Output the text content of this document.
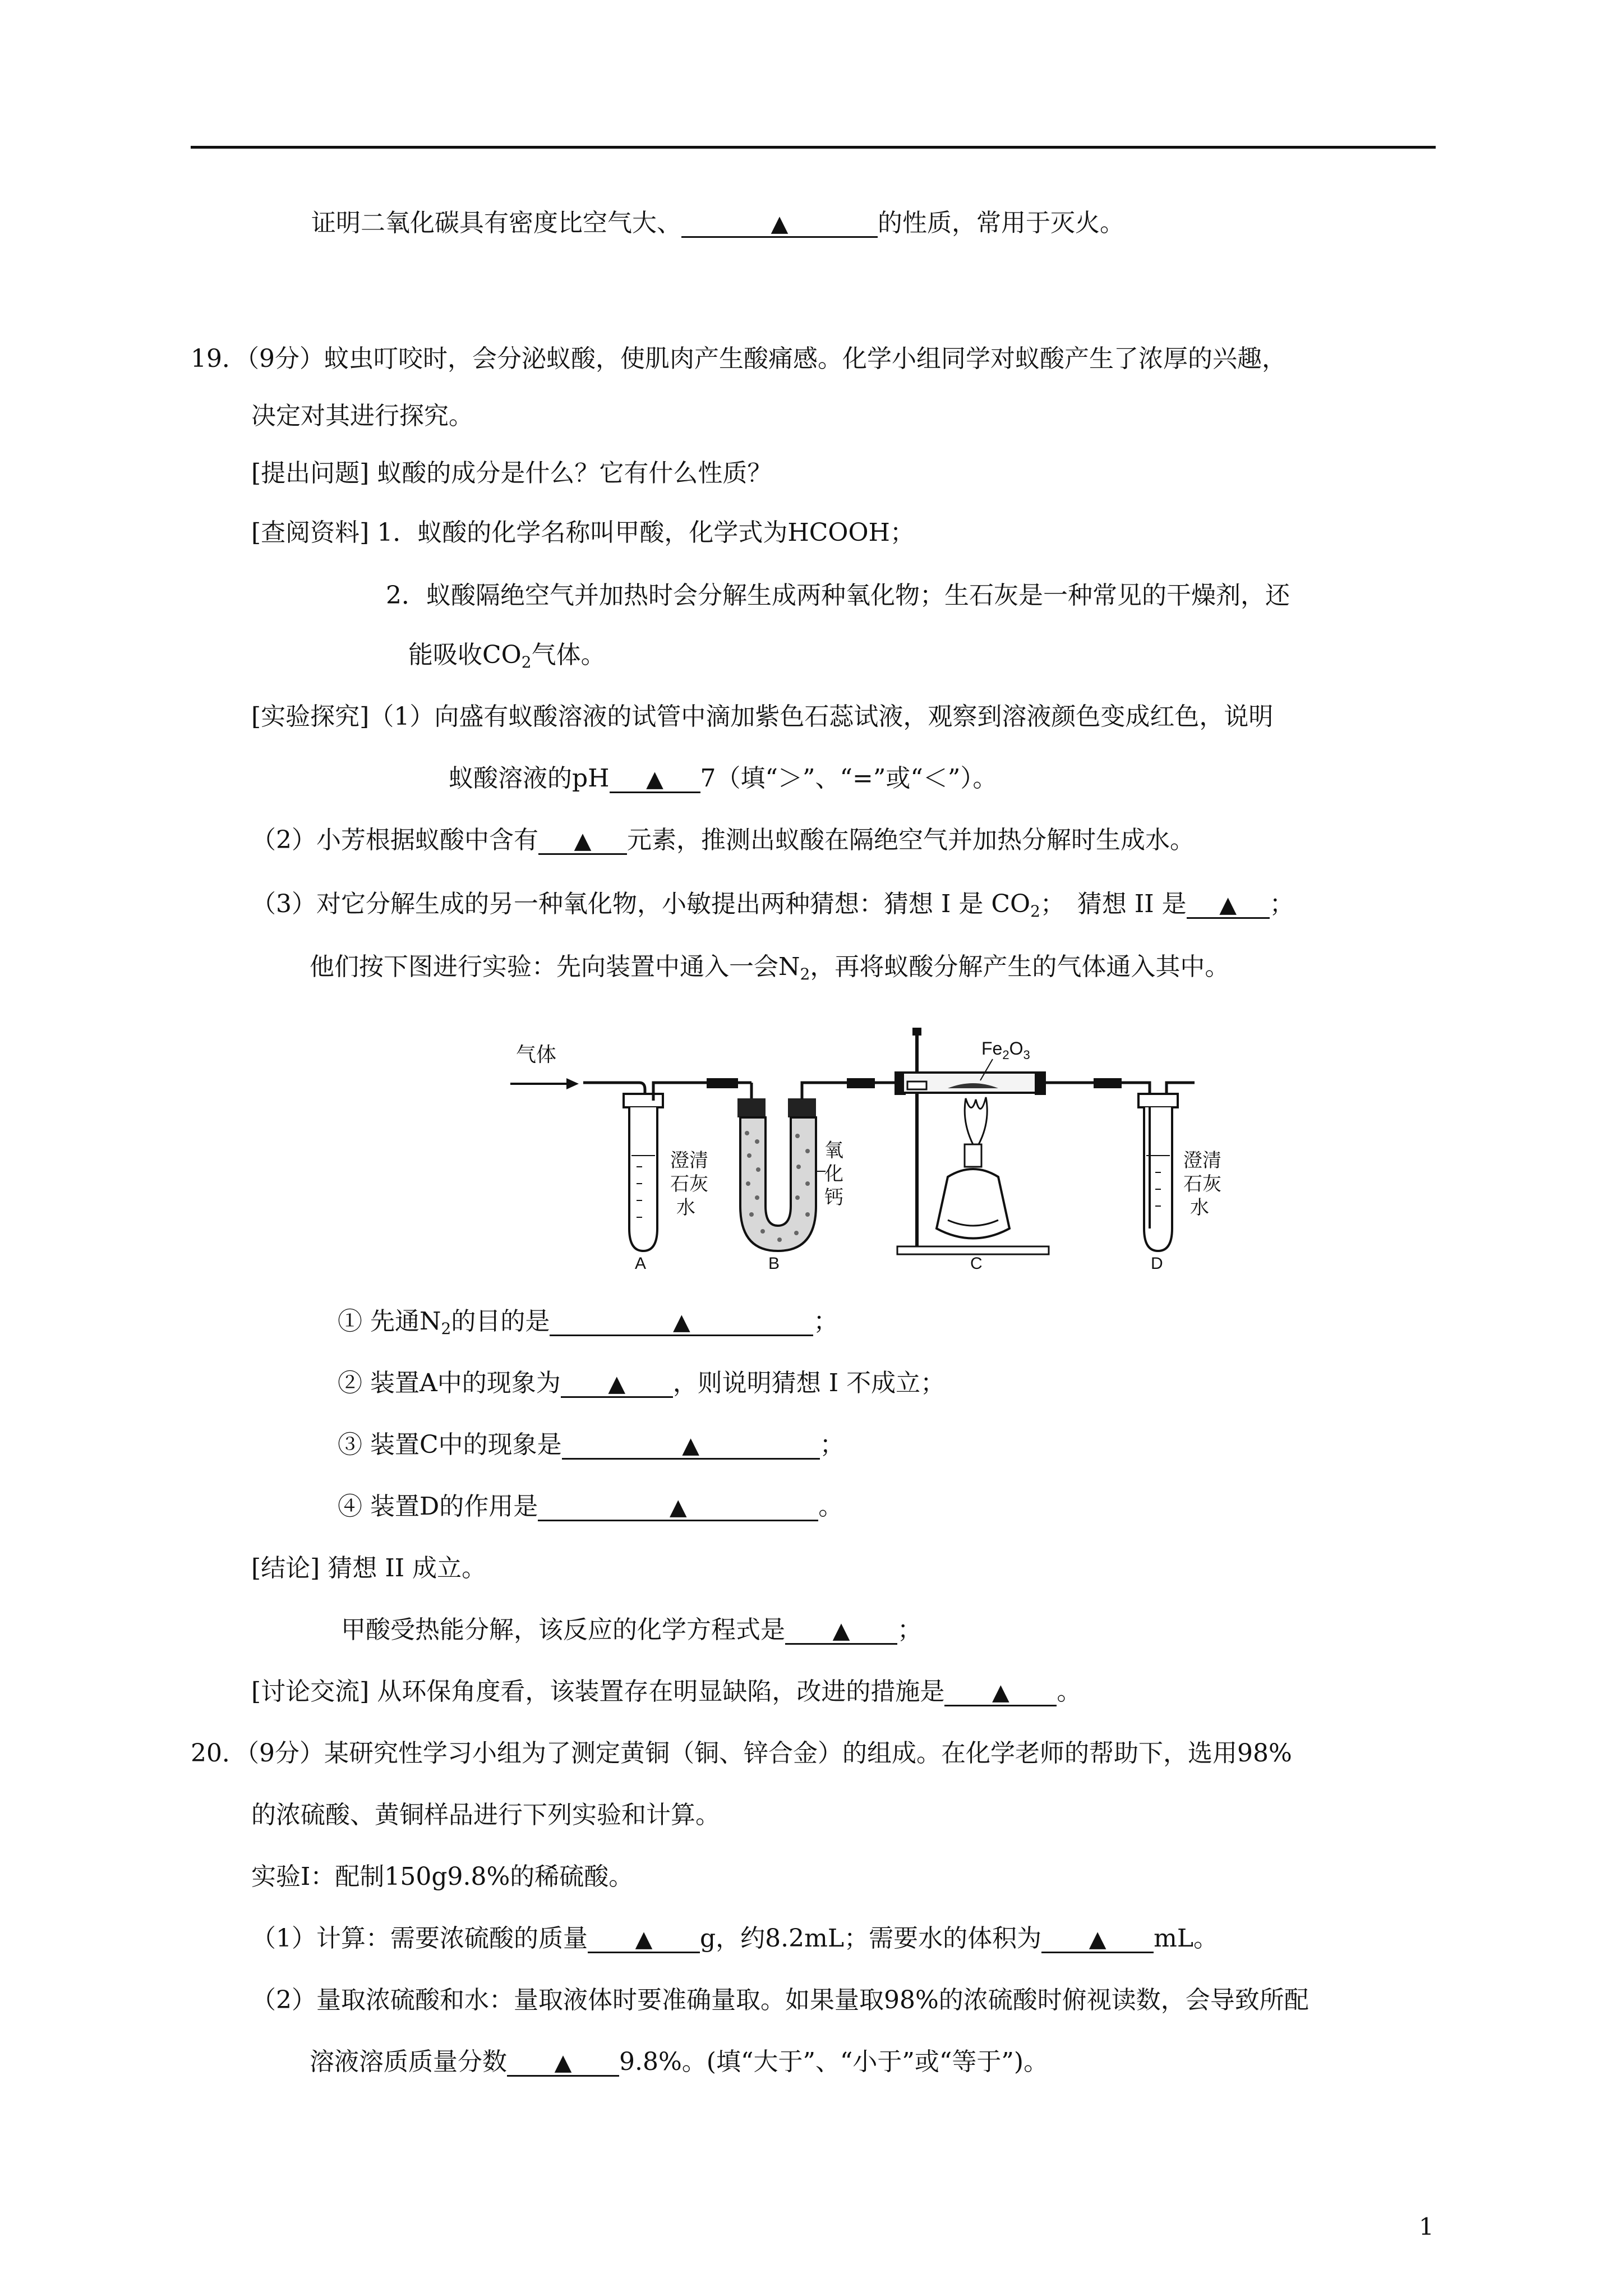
证明二氧化碳具有密度比空气大、	▲	的性质，常用于灭火。
19．（9分）蚊虫叮咬时，会分泌蚁酸，使肌肉产生酸痛感。化学小组同学对蚁酸产生了浓厚的兴趣，
决定对其进行探究。
[提出问题] 蚁酸的成分是什么？它有什么性质？
[查阅资料] 1．蚁酸的化学名称叫甲酸，化学式为HCOOH；
2．蚁酸隔绝空气并加热时会分解生成两种氧化物；生石灰是一种常见的干燥剂，还
能吸收$CO_2$气体。
[实验探究]（1）向盛有蚁酸溶液的试管中滴加紫色石蕊试液，观察到溶液颜色变成红色，说明
蚁酸溶液的pH ▲ 7（填“＞”、“=”或“＜”）。
（2）小芳根据蚁酸中含有 ▲ 元素，推测出蚁酸在隔绝空气并加热分解时生成水。
（3）对它分解生成的另一种氧化物，小敏提出两种猜想：猜想 I 是 $CO_2$；　猜想 II 是 ▲ ；
他们按下图进行实验：先向装置中通入一会$N_2$，再将蚁酸分解产生的气体通入其中。
气体
澄清
石灰
水
A
氧
化
钙
B
$Fe_2O_3$
C
澄清
石灰
水
D
① 先通$N_2$的目的是	▲	；
② 装置A中的现象为 ▲ ，则说明猜想 I 不成立；
③ 装置C中的现象是	▲	；
④ 装置D的作用是	▲	。
[结论] 猜想 II 成立。
甲酸受热能分解，该反应的化学方程式是 ▲ ；
[讨论交流] 从环保角度看，该装置存在明显缺陷，改进的措施是 ▲ 。
20．（9分）某研究性学习小组为了测定黄铜（铜、锌合金）的组成。在化学老师的帮助下，选用98%
的浓硫酸、黄铜样品进行下列实验和计算。
实验Ⅰ：配制150g9.8%的稀硫酸。
（1）计算：需要浓硫酸的质量 ▲ g，约8.2mL；需要水的体积为 ▲ mL。
（2）量取浓硫酸和水：量取液体时要准确量取。如果量取98%的浓硫酸时俯视读数，会导致所配
溶液溶质质量分数 ▲ 9.8%。(填“大于”、“小于”或“等于”)。
1
